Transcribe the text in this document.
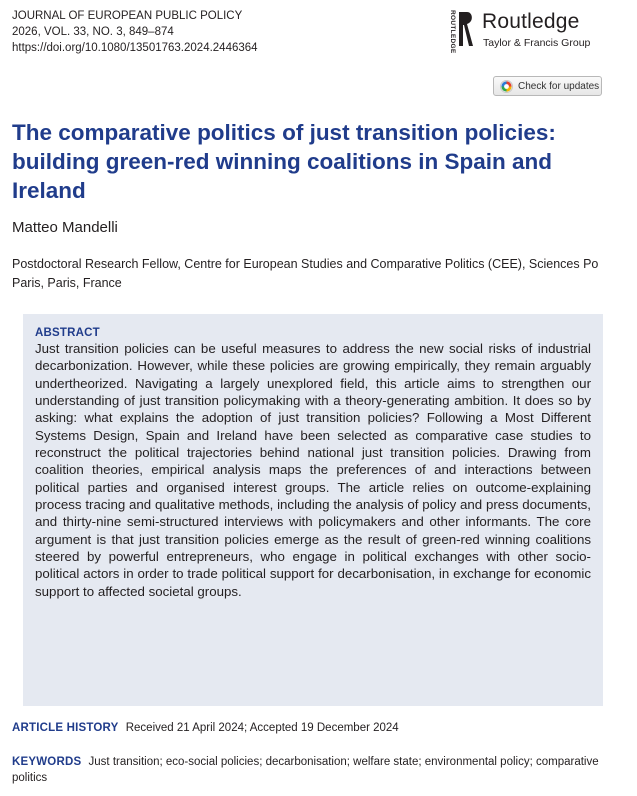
JOURNAL OF EUROPEAN PUBLIC POLICY
2026, VOL. 33, NO. 3, 849–874
https://doi.org/10.1080/13501763.2024.2446364	ROUTLEDGE Routledge
Taylor & Francis Group
Check for updates
The comparative politics of just transition policies: building green-red winning coalitions in Spain and Ireland
Matteo Mandelli
Postdoctoral Research Fellow, Centre for European Studies and Comparative Politics (CEE), Sciences Po Paris, Paris, France
ABSTRACT
Just transition policies can be useful measures to address the new social risks of industrial decarbonization. However, while these policies are growing empirically, they remain arguably undertheorized. Navigating a largely unexplored field, this article aims to strengthen our understanding of just transition policymaking with a theory-generating ambition. It does so by asking: what explains the adoption of just transition policies? Following a Most Different Systems Design, Spain and Ireland have been selected as comparative case studies to reconstruct the political trajectories behind national just transition policies. Drawing from coalition theories, empirical analysis maps the preferences of and interactions between political parties and organised interest groups. The article relies on outcome-explaining process tracing and qualitative methods, including the analysis of policy and press documents, and thirty-nine semi-structured interviews with policymakers and other informants. The core argument is that just transition policies emerge as the result of green-red winning coalitions steered by powerful entrepreneurs, who engage in political exchanges with other socio-political actors in order to trade political support for decarbonisation, in exchange for economic support to affected societal groups.
ARTICLE HISTORY Received 21 April 2024; Accepted 19 December 2024
KEYWORDS Just transition; eco-social policies; decarbonisation; welfare state; environmental policy; comparative politics
